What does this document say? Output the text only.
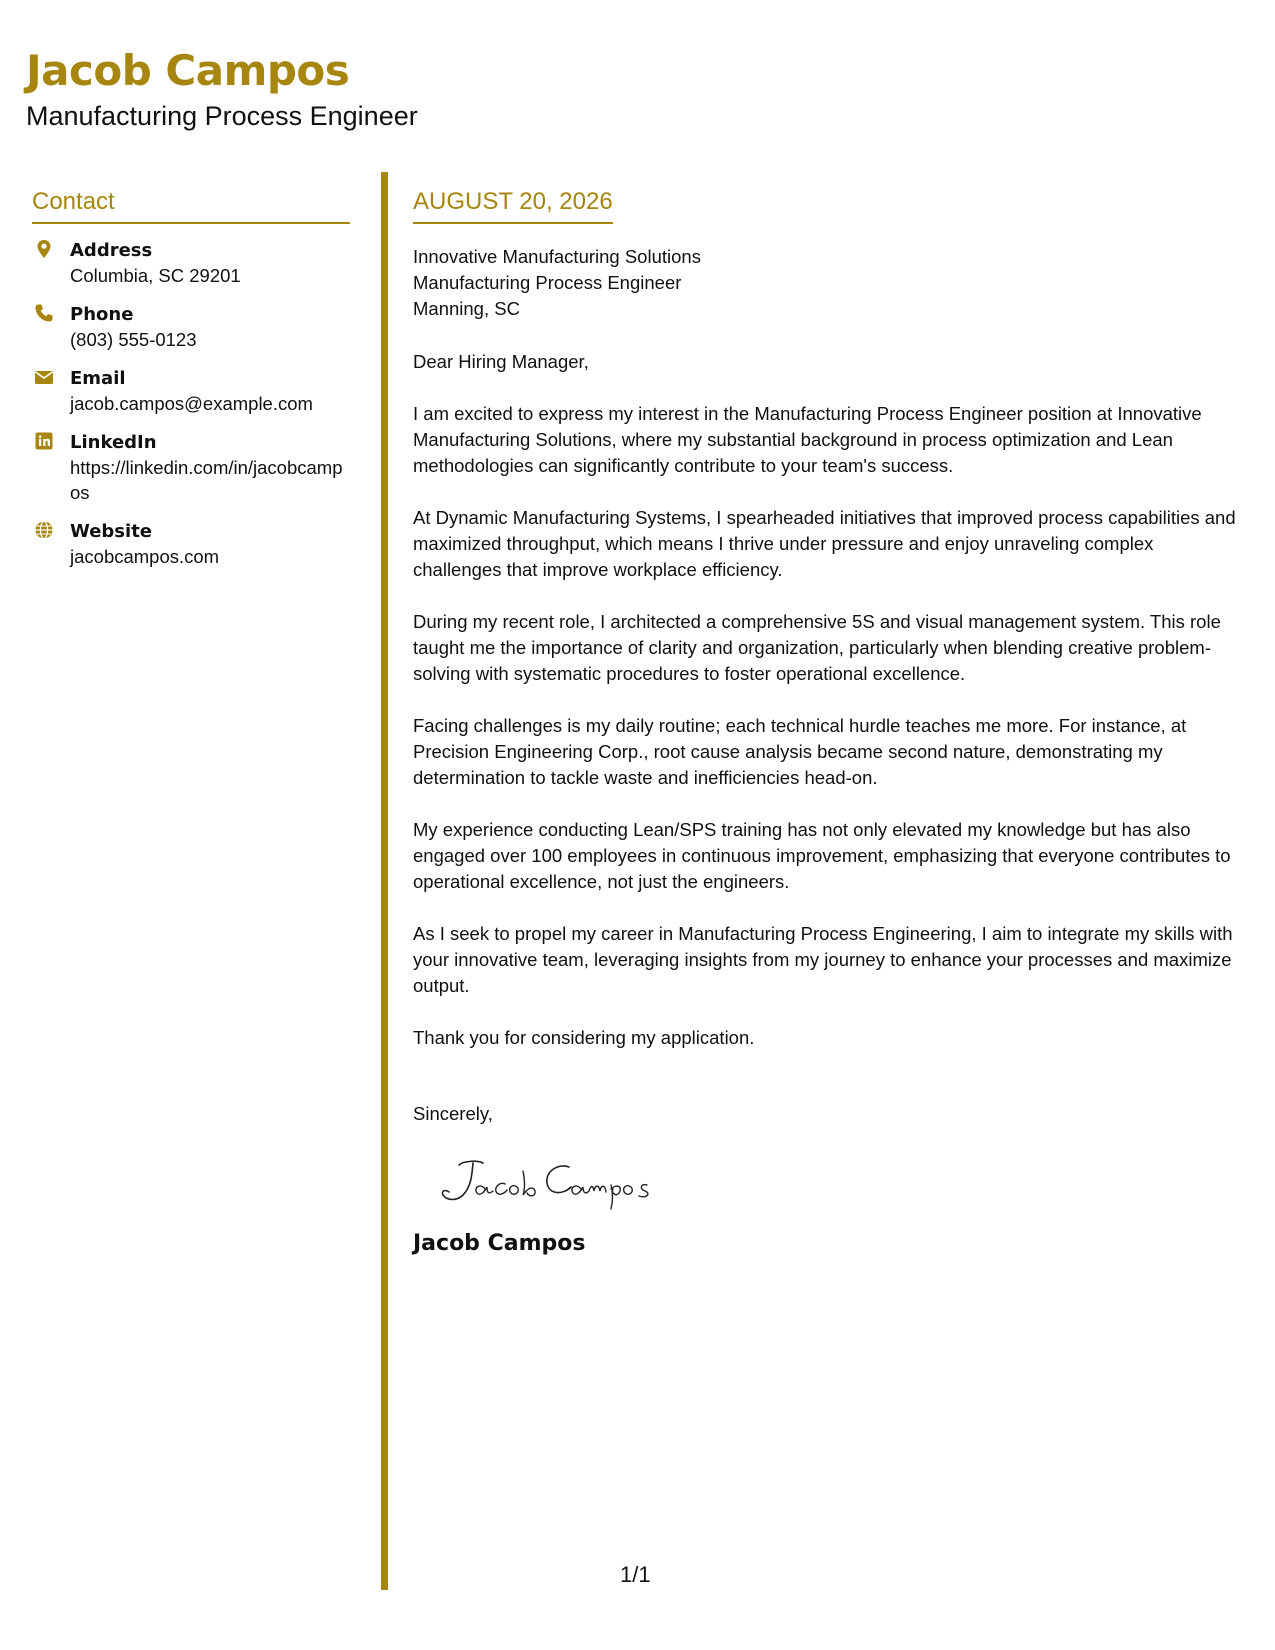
Jacob Campos
Manufacturing Process Engineer
Contact
Address
Columbia, SC 29201
Phone
(803) 555-0123
Email
jacob.campos@example.com
LinkedIn
https://linkedin.com/in/jacobcampos
Website
jacobcampos.com
AUGUST 20, 2026
Innovative Manufacturing Solutions
Manufacturing Process Engineer
Manning, SC
Dear Hiring Manager,

I am excited to express my interest in the Manufacturing Process Engineer position at Innovative Manufacturing Solutions, where my substantial background in process optimization and Lean methodologies can significantly contribute to your team's success.

At Dynamic Manufacturing Systems, I spearheaded initiatives that improved process capabilities and maximized throughput, which means I thrive under pressure and enjoy unraveling complex challenges that improve workplace efficiency.

During my recent role, I architected a comprehensive 5S and visual management system. This role taught me the importance of clarity and organization, particularly when blending creative problem-solving with systematic procedures to foster operational excellence.

Facing challenges is my daily routine; each technical hurdle teaches me more. For instance, at Precision Engineering Corp., root cause analysis became second nature, demonstrating my determination to tackle waste and inefficiencies head-on.

My experience conducting Lean/SPS training has not only elevated my knowledge but has also engaged over 100 employees in continuous improvement, emphasizing that everyone contributes to operational excellence, not just the engineers.

As I seek to propel my career in Manufacturing Process Engineering, I aim to integrate my skills with your innovative team, leveraging insights from my journey to enhance your processes and maximize output.

Thank you for considering my application.

Sincerely,
Jacob Campos
1/1
